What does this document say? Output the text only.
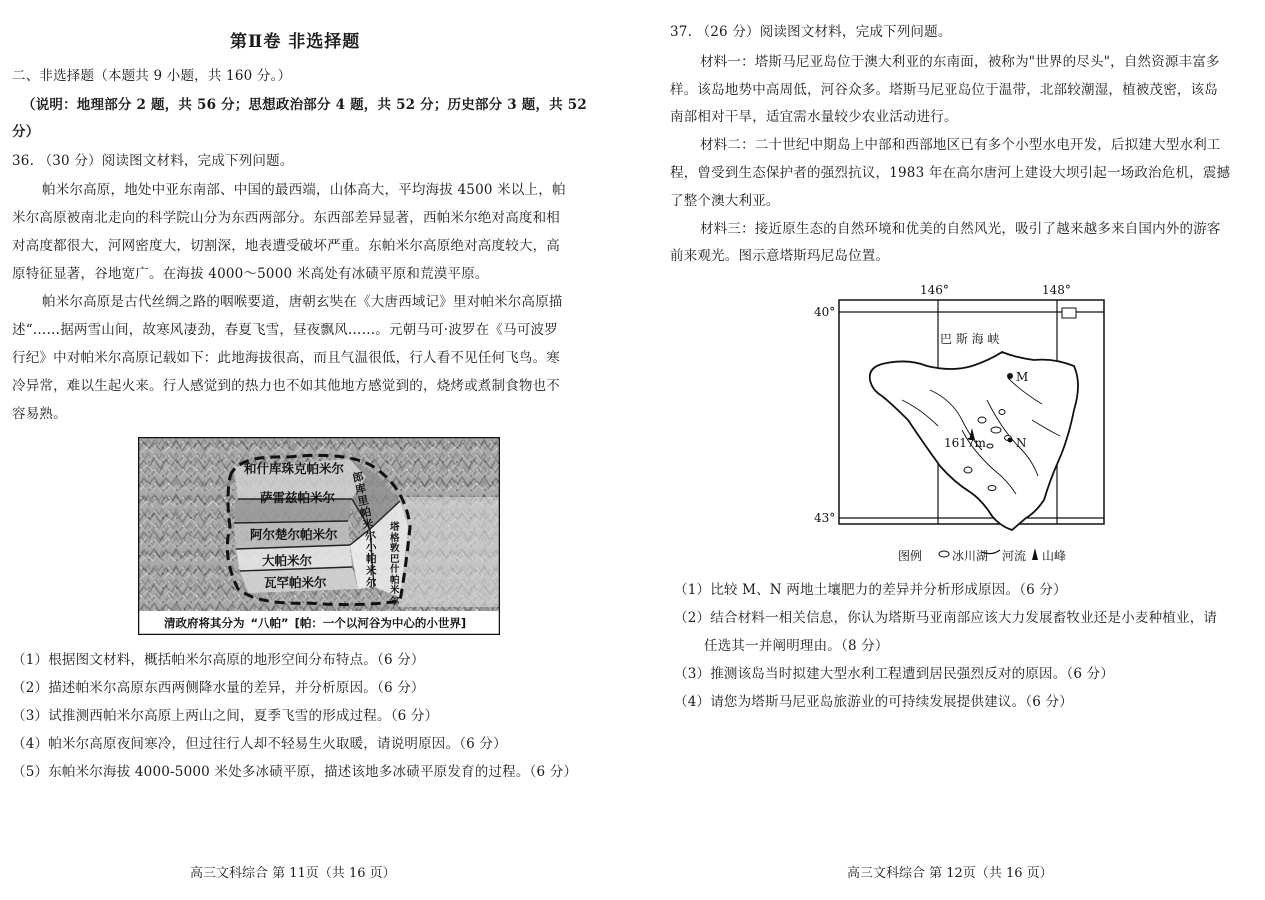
第Ⅱ卷 非选择题
二、非选择题（本题共 9 小题，共 160 分。）
（说明：地理部分 2 题，共 56 分；思想政治部分 4 题，共 52 分；历史部分 3 题，共 52
分）
36. （30 分）阅读图文材料，完成下列问题。
帕米尔高原，地处中亚东南部、中国的最西端，山体高大，平均海拔 4500 米以上，帕
米尔高原被南北走向的科学院山分为东西两部分。东西部差异显著，西帕米尔绝对高度和相
对高度都很大，河网密度大，切割深，地表遭受破坏严重。东帕米尔高原绝对高度较大，高
原特征显著，谷地宽广。在海拔 4000～5000 米高处有冰碛平原和荒漠平原。
帕米尔高原是古代丝绸之路的咽喉要道，唐朝玄奘在《大唐西域记》里对帕米尔高原描
述“……据两雪山间，故寒风凄劲，春夏飞雪，昼夜飘风……。元朝马可·波罗在《马可波罗
行纪》中对帕米尔高原记载如下：此地海拔很高，而且气温很低，行人看不见任何飞鸟。寒
冷异常，难以生起火来。行人感觉到的热力也不如其他地方感觉到的，烧烤或煮制食物也不
容易熟。
和什库珠克帕米尔
萨雷兹帕米尔
阿尔楚尔帕米尔
大帕米尔
瓦罕帕米尔
郎库里帕米尔
小帕米尔
塔格敦巴什帕米尔
清政府将其分为 “八帕” [帕：一个以河谷为中心的小世界]
（1）根据图文材料，概括帕米尔高原的地形空间分布特点。（6 分）
（2）描述帕米尔高原东西两侧降水量的差异，并分析原因。（6 分）
（3）试推测西帕米尔高原上两山之间，夏季飞雪的形成过程。（6 分）
（4）帕米尔高原夜间寒冷，但过往行人却不轻易生火取暖，请说明原因。（6 分）
（5）东帕米尔海拔 4000-5000 米处多冰碛平原，描述该地多冰碛平原发育的过程。（6 分）
高三文科综合 第 11页（共 16 页）
37. （26 分）阅读图文材料，完成下列问题。
材料一：塔斯马尼亚岛位于澳大利亚的东南面，被称为"世界的尽头"，自然资源丰富多
样。该岛地势中高周低，河谷众多。塔斯马尼亚岛位于温带，北部较潮湿，植被茂密，该岛
南部相对干旱，适宜需水量较少农业活动进行。
材料二：二十世纪中期岛上中部和西部地区已有多个小型水电开发，后拟建大型水利工
程，曾受到生态保护者的强烈抗议，1983 年在高尔唐河上建设大坝引起一场政治危机，震撼
了整个澳大利亚。
材料三：接近原生态的自然环境和优美的自然风光，吸引了越来越多来自国内外的游客
前来观光。图示意塔斯玛尼岛位置。
146°	148°
40°
43°
巴 斯 海 峡
M
N
1617m
图例 冰川湖 河流 山峰
（1）比较 M、N 两地土壤肥力的差异并分析形成原因。（6 分）
（2）结合材料一相关信息，你认为塔斯马亚南部应该大力发展畜牧业还是小麦种植业，请
任选其一并阐明理由。（8 分）
（3）推测该岛当时拟建大型水利工程遭到居民强烈反对的原因。（6 分）
（4）请您为塔斯马尼亚岛旅游业的可持续发展提供建议。（6 分）
高三文科综合 第 12页（共 16 页）
